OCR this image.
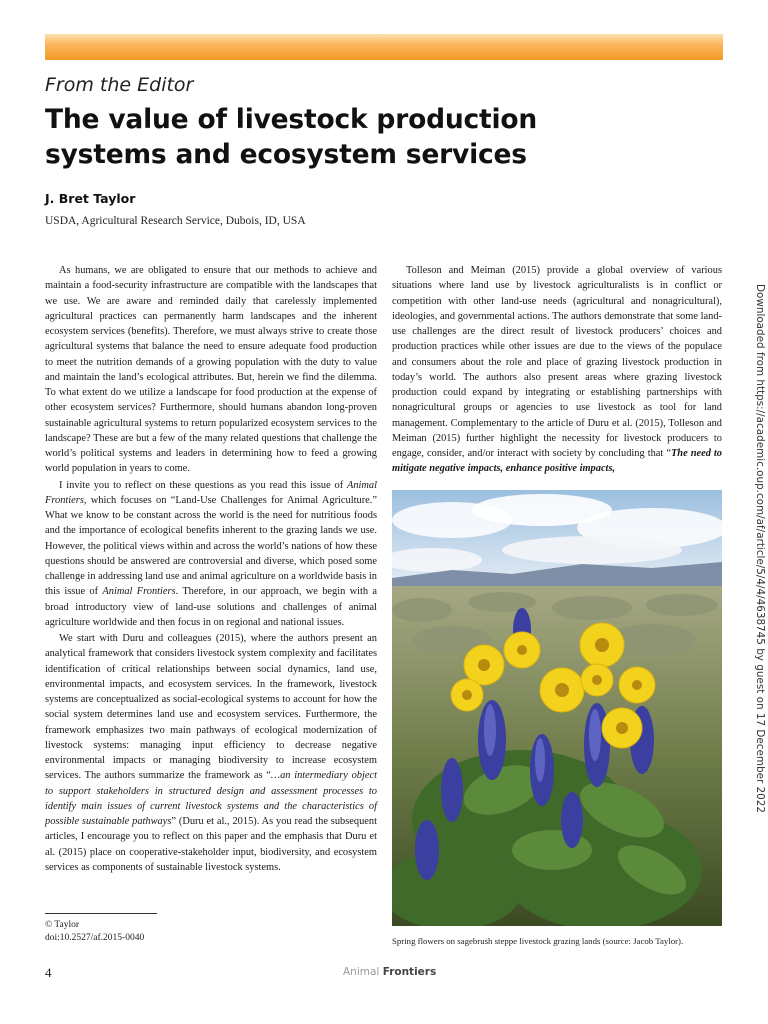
From the Editor
The value of livestock production
systems and ecosystem services
J. Bret Taylor
USDA, Agricultural Research Service, Dubois, ID, USA

As humans, we are obligated to ensure that our methods to achieve and maintain a food-security infrastructure are compatible with the landscapes that we use. We are aware and reminded daily that carelessly implemented agricultural practices can permanently harm landscapes and the inherent ecosystem services (benefits). Therefore, we must always strive to create those agricultural systems that balance the need to ensure adequate food production to meet the nutrition demands of a growing population with the duty to value and maintain the land’s ecological attributes. But, herein we find the dilemma. To what extent do we utilize a landscape for food production at the expense of other ecosystem services? Furthermore, should humans abandon long-proven sustainable agricultural systems to return popularized ecosystem services to the landscape? These are but a few of the many related questions that challenge the world’s political systems and leaders in determining how to feed a growing world population in years to come.

I invite you to reflect on these questions as you read this issue of Animal Frontiers, which focuses on “Land-Use Challenges for Animal Agriculture.” What we know to be constant across the world is the need for nutritious foods and the importance of ecological benefits inherent to the grazing lands we use. However, the political views within and across the world’s nations of how these questions should be answered are controversial and diverse, which posed some challenge in addressing land use and animal agriculture on a worldwide basis in this issue of Animal Frontiers. Therefore, in our approach, we begin with a broad introductory view of land-use solutions and challenges of animal agriculture worldwide and then focus in on regional and national issues.

We start with Duru and colleagues (2015), where the authors present an analytical framework that considers livestock system complexity and facilitates identification of critical relationships between social dynamics, land use, environmental impacts, and ecosystem services. In the framework, livestock systems are conceptualized as social-ecological systems to account for how the social system determines land use and ecosystem services. Furthermore, the framework emphasizes two main pathways of ecological modernization of livestock systems: managing input efficiency to decrease negative environmental impacts or managing biodiversity to increase ecosystem services. The authors summarize the framework as “…an intermediary object to support stakeholders in structured design and assessment processes to identify main issues of current livestock systems and the characteristics of possible sustainable pathways” (Duru et al., 2015). As you read the subsequent articles, I encourage you to reflect on this paper and the emphasis that Duru et al. (2015) place on cooperative-stakeholder input, biodiversity, and ecosystem services as components of sustainable livestock systems.

Tolleson and Meiman (2015) provide a global overview of various situations where land use by livestock agriculturalists is in conflict or competition with other land-use needs (agricultural and nonagricultural), ideologies, and governmental actions. The authors demonstrate that some land-use challenges are the direct result of livestock producers’ choices and production practices while other issues are due to the views of the populace and consumers about the role and place of grazing livestock production in today’s world. The authors also present areas where grazing livestock production could expand by integrating or establishing partnerships with nonagricultural groups or agencies to use livestock as tool for land management. Complementary to the article of Duru et al. (2015), Tolleson and Meiman (2015) further highlight the necessity for livestock producers to engage, consider, and/or interact with society by concluding that “The need to mitigate negative impacts, enhance positive impacts,

Spring flowers on sagebrush steppe livestock grazing lands (source: Jacob Taylor).
© Taylor
doi:10.2527/af.2015-0040
Downloaded from https://academic.oup.com/af/article/5/4/4/4638745 by guest on 17 December 2022
4	Animal Frontiers
